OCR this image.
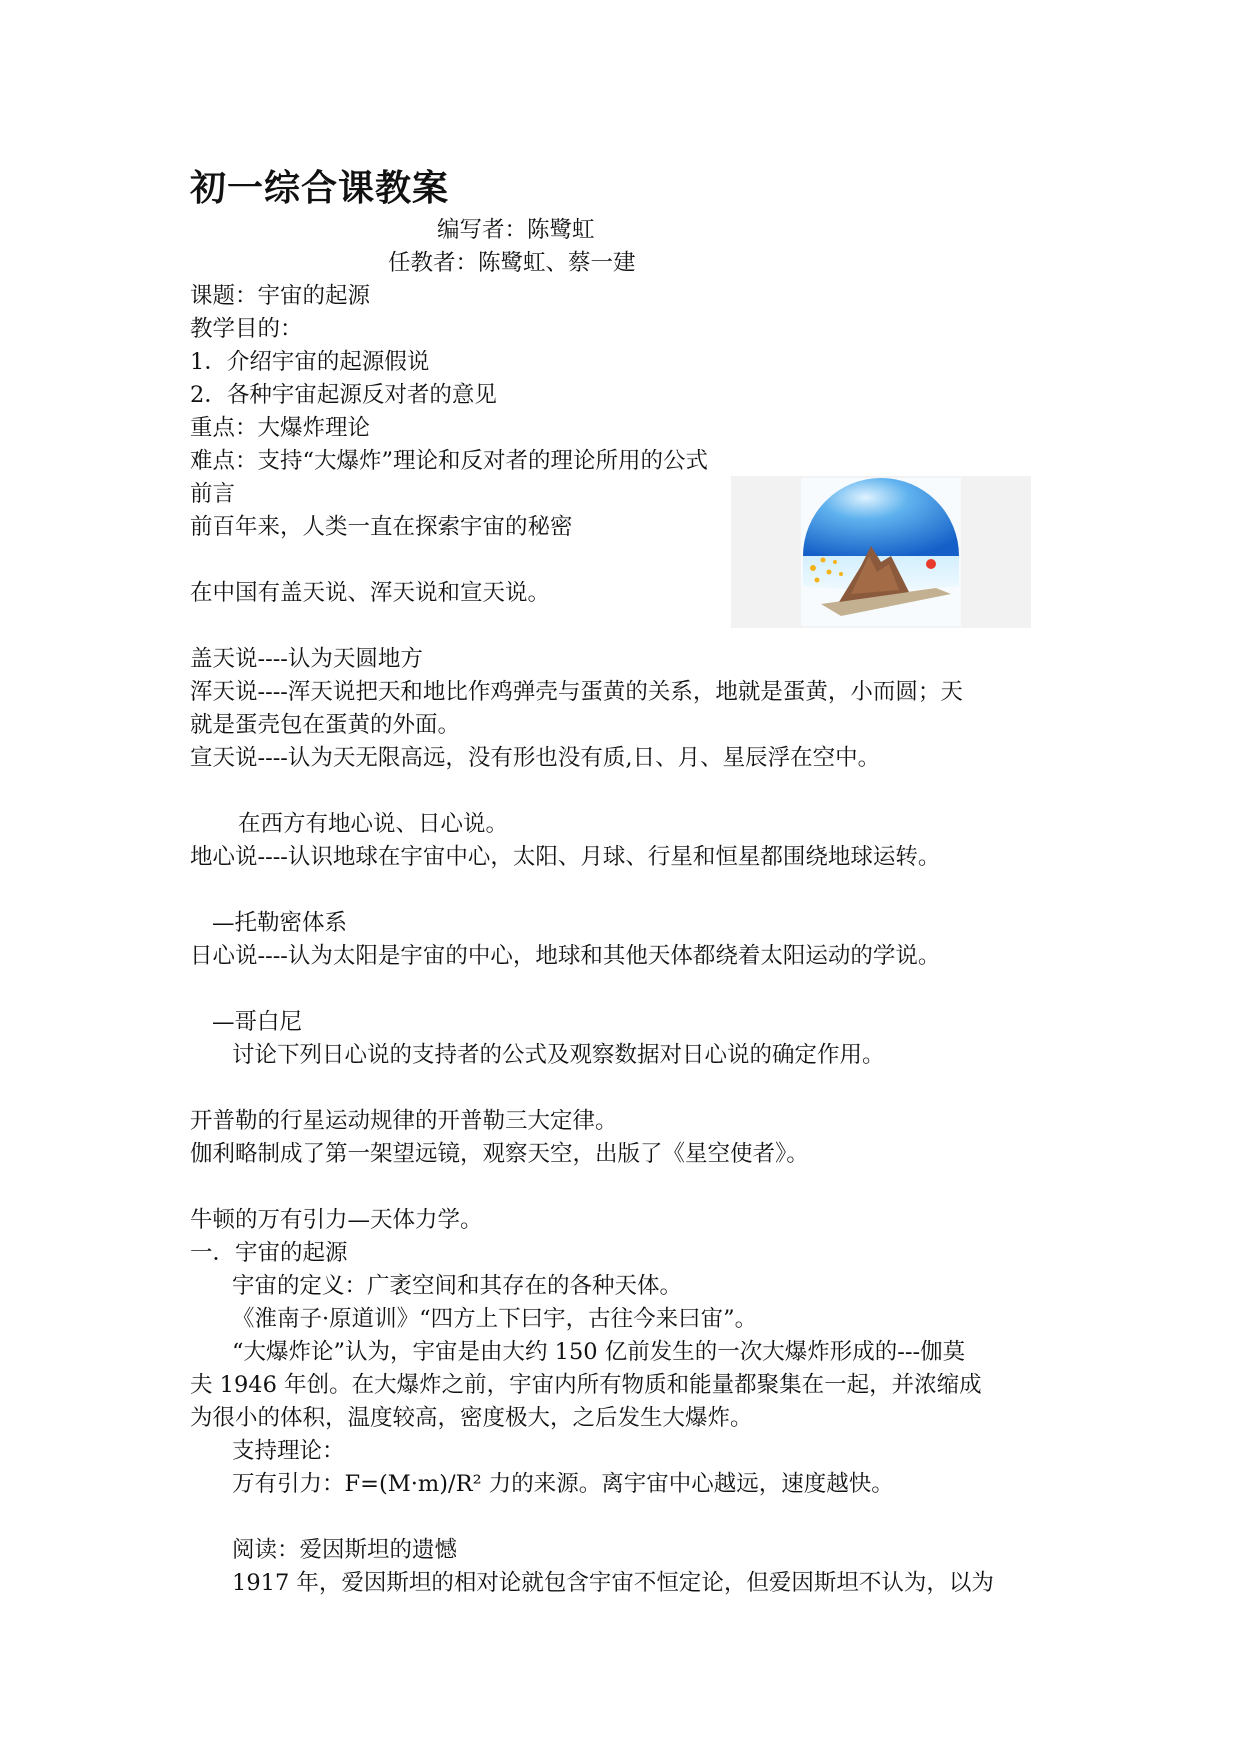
初一综合课教案
编写者：陈鹭虹
任教者：陈鹭虹、蔡一建
课题：宇宙的起源
教学目的：
1．介绍宇宙的起源假说
2．各种宇宙起源反对者的意见
重点：大爆炸理论
难点：支持“大爆炸”理论和反对者的理论所用的公式
前言
前百年来，人类一直在探索宇宙的秘密
在中国有盖天说、浑天说和宣天说。
盖天说----认为天圆地方
浑天说----浑天说把天和地比作鸡弹壳与蛋黄的关系，地就是蛋黄，小而圆；天
就是蛋壳包在蛋黄的外面。
宣天说----认为天无限高远，没有形也没有质,日、月、星辰浮在空中。
在西方有地心说、日心说。
地心说----认识地球在宇宙中心，太阳、月球、行星和恒星都围绕地球运转。
—托勒密体系
日心说----认为太阳是宇宙的中心，地球和其他天体都绕着太阳运动的学说。
—哥白尼
讨论下列日心说的支持者的公式及观察数据对日心说的确定作用。
开普勒的行星运动规律的开普勒三大定律。
伽利略制成了第一架望远镜，观察天空，出版了《星空使者》。
牛顿的万有引力—天体力学。
一．宇宙的起源
宇宙的定义：广袤空间和其存在的各种天体。
《淮南子·原道训》“四方上下曰宇，古往今来曰宙”。
“大爆炸论”认为，宇宙是由大约 150 亿前发生的一次大爆炸形成的---伽莫
夫 1946 年创。在大爆炸之前，宇宙内所有物质和能量都聚集在一起，并浓缩成
为很小的体积，温度较高，密度极大，之后发生大爆炸。
支持理论：
万有引力：F=(M·m)/R² 力的来源。离宇宙中心越远，速度越快。
阅读：爱因斯坦的遗憾
1917 年，爱因斯坦的相对论就包含宇宙不恒定论，但爱因斯坦不认为，以为
